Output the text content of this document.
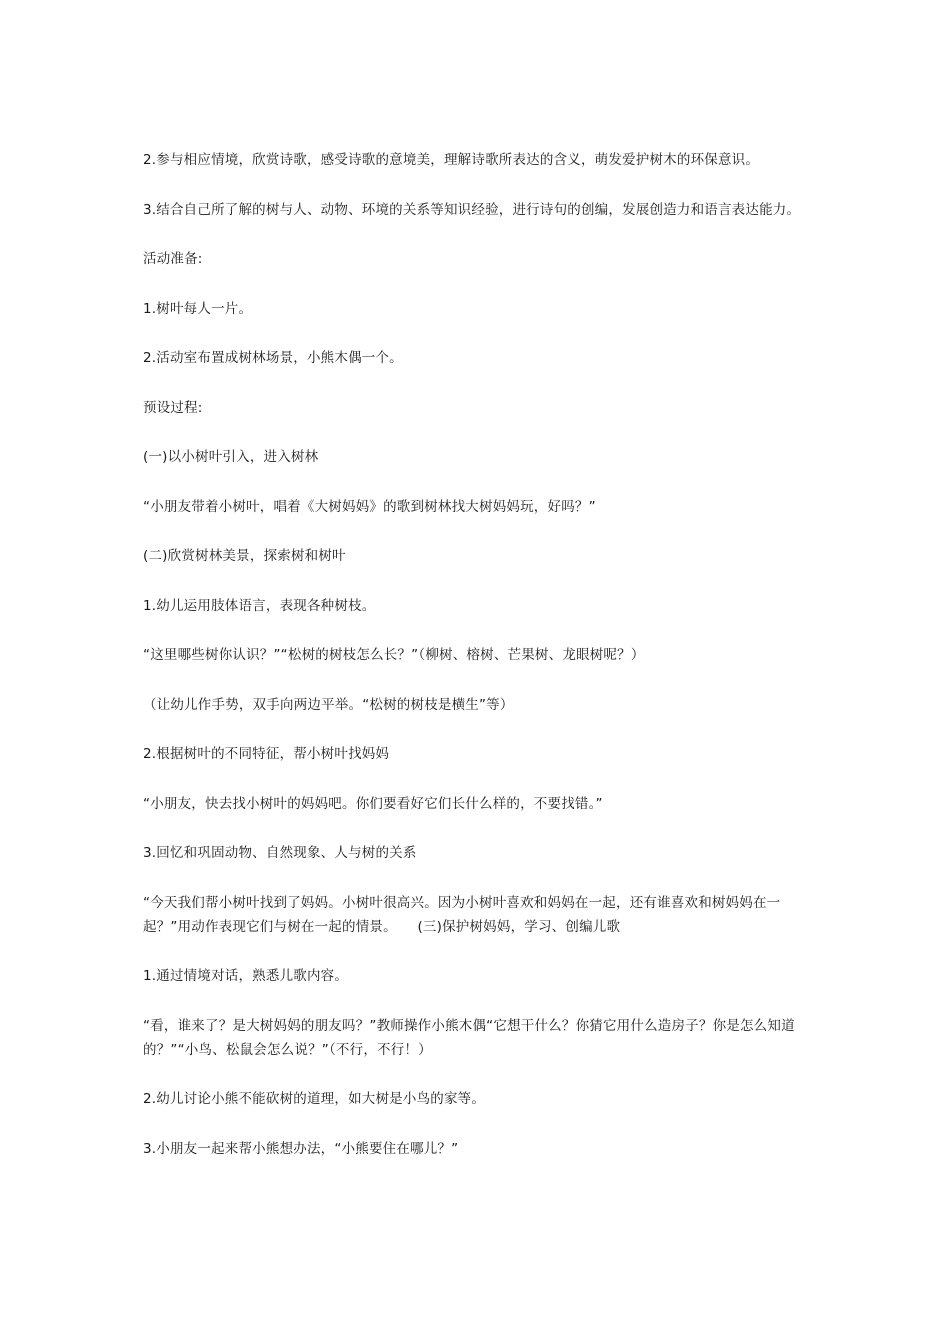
2.参与相应情境，欣赏诗歌，感受诗歌的意境美，理解诗歌所表达的含义，萌发爱护树木的环保意识。

3.结合自己所了解的树与人、动物、环境的关系等知识经验，进行诗句的创编，发展创造力和语言表达能力。

活动准备:

1.树叶每人一片。

2.活动室布置成树林场景，小熊木偶一个。

预设过程:

(一)以小树叶引入，进入树林

“小朋友带着小树叶，唱着《大树妈妈》的歌到树林找大树妈妈玩，好吗？”

(二)欣赏树林美景，探索树和树叶

1.幼儿运用肢体语言，表现各种树枝。

“这里哪些树你认识？”“松树的树枝怎么长？”（柳树、榕树、芒果树、龙眼树呢？）

（让幼儿作手势，双手向两边平举。“松树的树枝是横生”等）

2.根据树叶的不同特征，帮小树叶找妈妈

“小朋友，快去找小树叶的妈妈吧。你们要看好它们长什么样的，不要找错。”

3.回忆和巩固动物、自然现象、人与树的关系

“今天我们帮小树叶找到了妈妈。小树叶很高兴。因为小树叶喜欢和妈妈在一起，还有谁喜欢和树妈妈在一起？”用动作表现它们与树在一起的情景。　　(三)保护树妈妈，学习、创编儿歌

1.通过情境对话，熟悉儿歌内容。

“看，谁来了？是大树妈妈的朋友吗？”教师操作小熊木偶“它想干什么？你猜它用什么造房子？你是怎么知道的？”“小鸟、松鼠会怎么说？”（不行，不行！）

2.幼儿讨论小熊不能砍树的道理，如大树是小鸟的家等。

3.小朋友一起来帮小熊想办法，“小熊要住在哪儿？”
